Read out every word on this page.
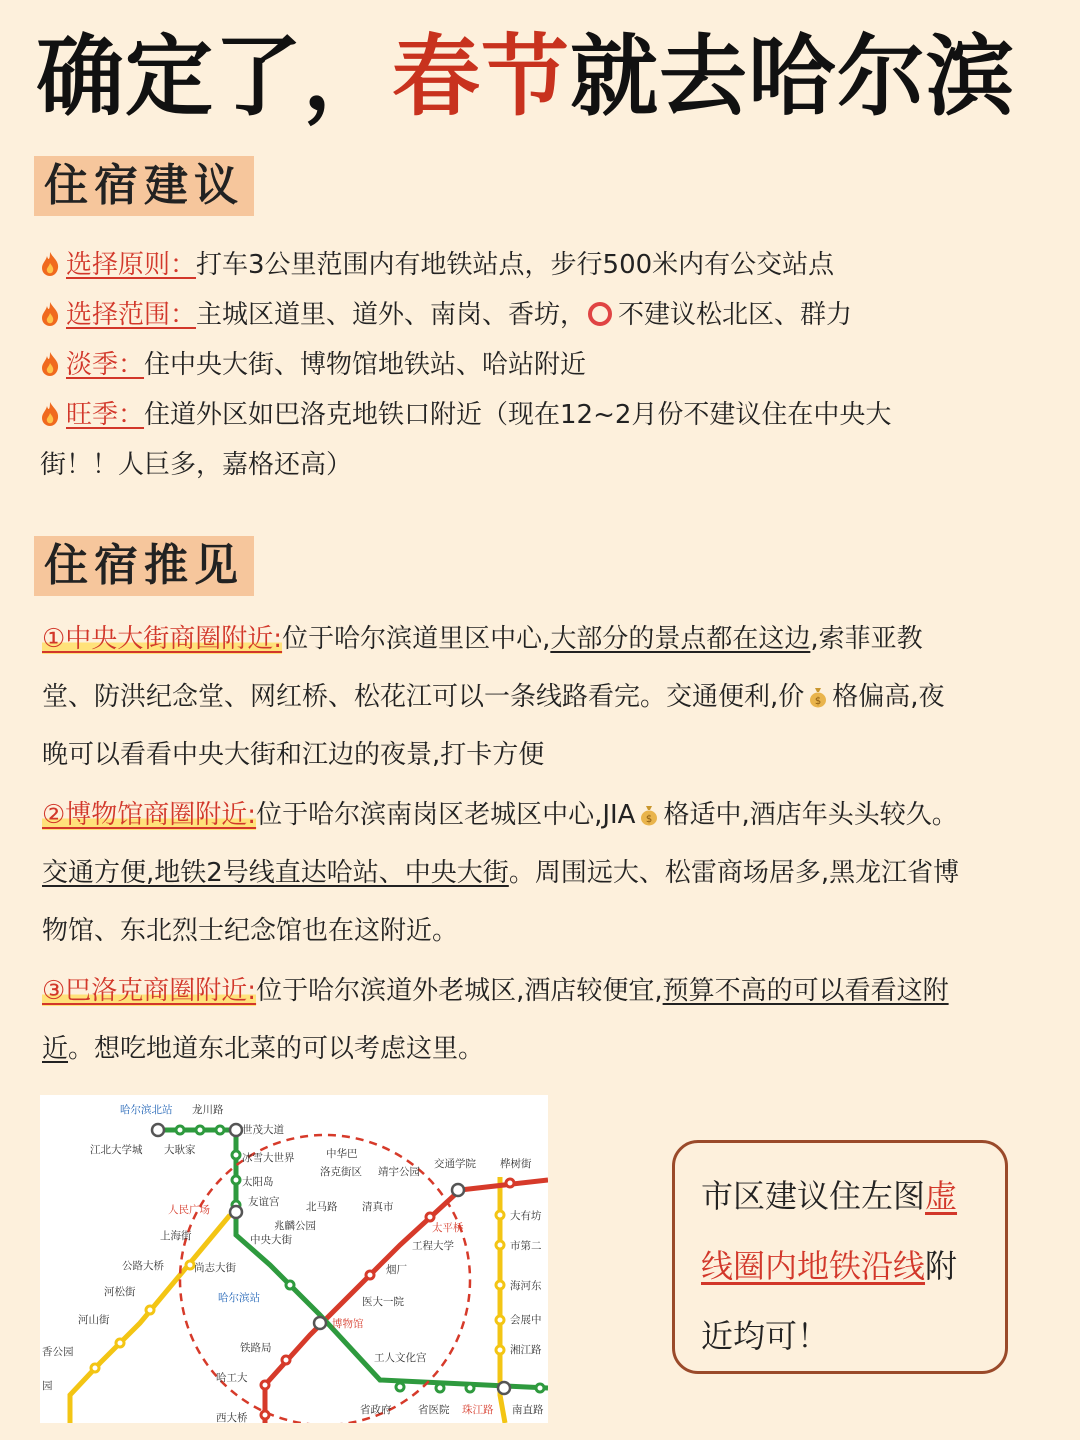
确定了，春节就去哈尔滨
住宿建议
选择原则：打车3公里范围内有地铁站点，步行500米内有公交站点
选择范围：主城区道里、道外、南岗、香坊， 不建议松北区、群力
淡季：住中央大街、博物馆地铁站、哈站附近
旺季：住道外区如巴洛克地铁口附近（现在12~2月份不建议住在中央大
街！！人巨多，嘉格还高）
住宿推见
①中央大街商圈附近:位于哈尔滨道里区中心,大部分的景点都在这边,索菲亚教
堂、防洪纪念堂、网红桥、松花江可以一条线路看完。交通便利,价 $ 格偏高,夜
晚可以看看中央大街和江边的夜景,打卡方便
②博物馆商圈附近:位于哈尔滨南岗区老城区中心,JIA $ 格适中,酒店年头头较久。
交通方便,地铁2号线直达哈站、中央大街。周围远大、松雷商场居多,黑龙江省博
物馆、东北烈士纪念馆也在这附近。
③巴洛克商圈附近:位于哈尔滨道外老城区,酒店较便宜,预算不高的可以看看这附
近。想吃地道东北菜的可以考虑这里。
哈尔滨北站 龙川路
世茂大道
江北大学城 大耿家
冰雪大世界	中华巴
洛克街区 靖宇公园
交通学院 桦树街
太阳岛
友谊宫
人民广场	北马路 清真市
太平桥
大有坊
上海街
兆麟公园
中央大街	工程大学	市第二
公路大桥	尚志大街	烟厂
海河东
河松街	哈尔滨站	医大一院
会展中
河山街	博物馆
湘江路
香公园	铁路局
工人文化宫
园
哈工大
省政府	省医院 珠江路 南直路
西大桥
市区建议住左图虚
线圈内地铁沿线附
近均可！
